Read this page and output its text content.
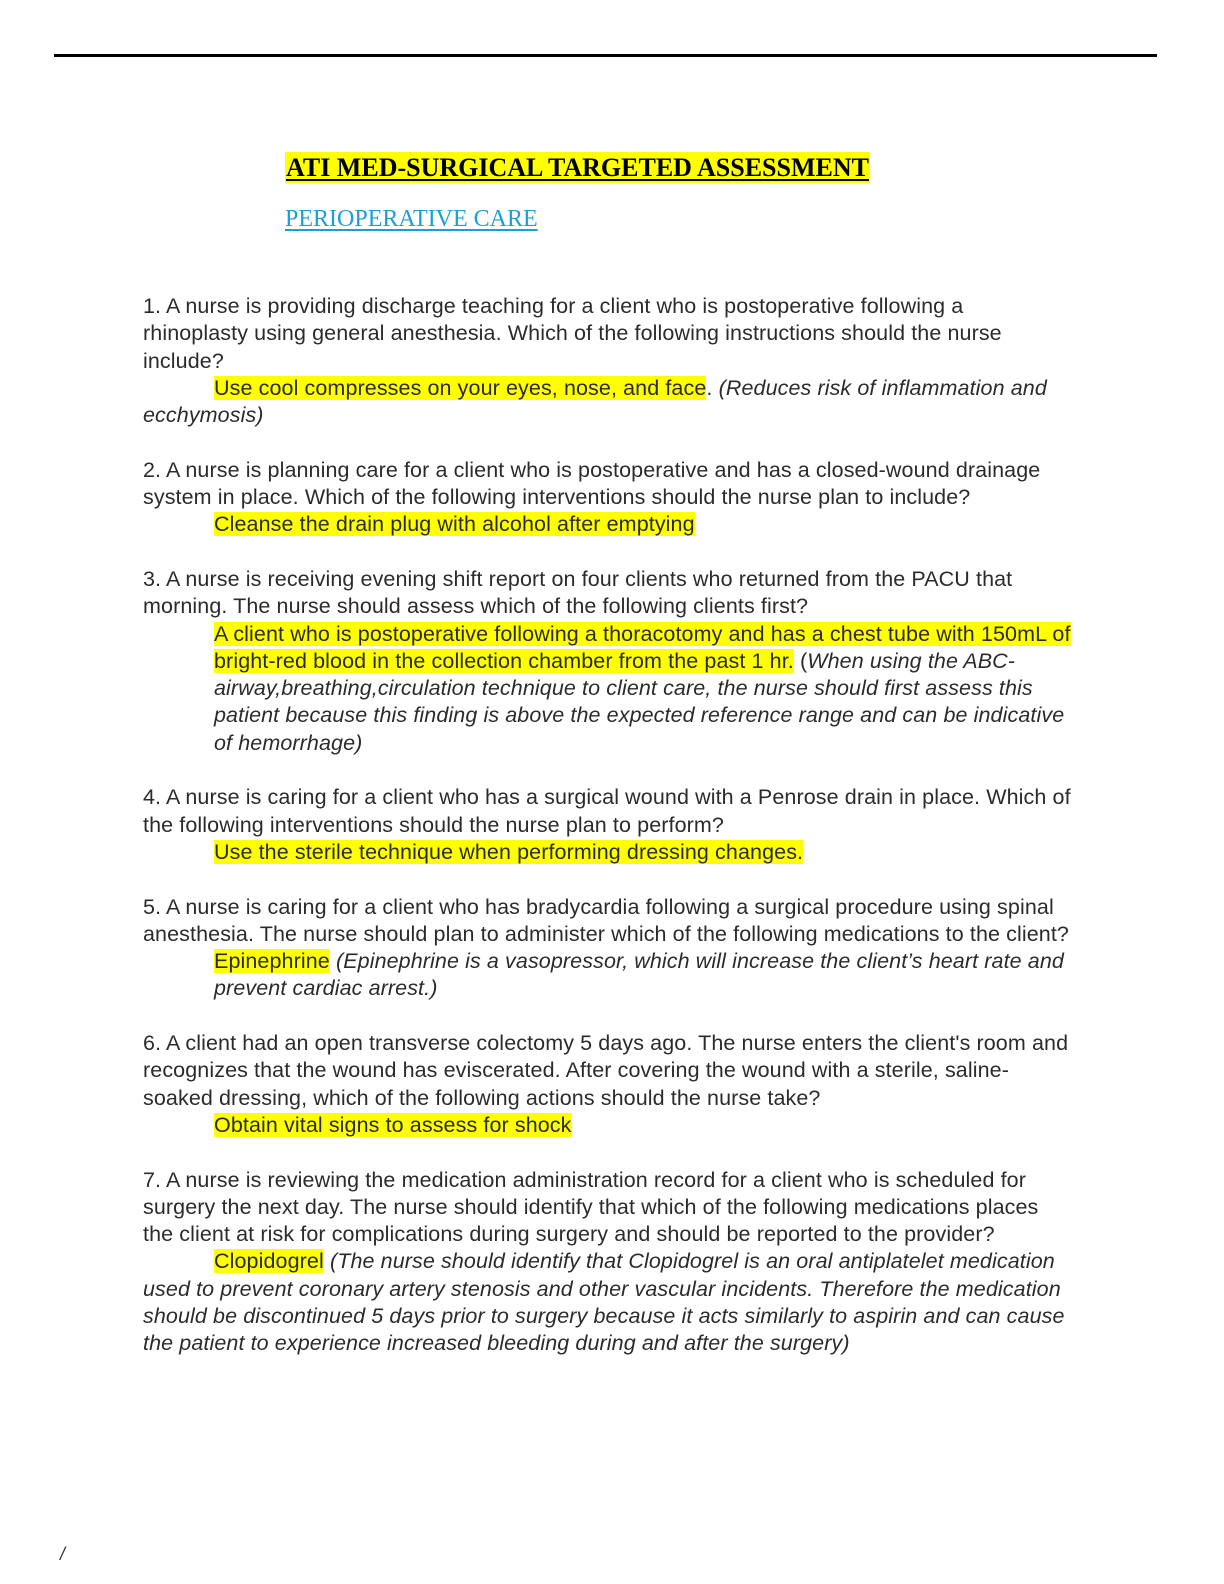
ATI MED-SURGICAL TARGETED ASSESSMENT
PERIOPERATIVE CARE
1. A nurse is providing discharge teaching for a client who is postoperative following a rhinoplasty using general anesthesia. Which of the following instructions should the nurse include?
Use cool compresses on your eyes, nose, and face. (Reduces risk of inflammation and ecchymosis)
2. A nurse is planning care for a client who is postoperative and has a closed-wound drainage system in place. Which of the following interventions should the nurse plan to include?
Cleanse the drain plug with alcohol after emptying
3. A nurse is receiving evening shift report on four clients who returned from the PACU that morning. The nurse should assess which of the following clients first?
A client who is postoperative following a thoracotomy and has a chest tube with 150mL of bright-red blood in the collection chamber from the past 1 hr. (When using the ABC-airway,breathing,circulation technique to client care, the nurse should first assess this patient because this finding is above the expected reference range and can be indicative of hemorrhage)
4. A nurse is caring for a client who has a surgical wound with a Penrose drain in place. Which of the following interventions should the nurse plan to perform?
Use the sterile technique when performing dressing changes.
5. A nurse is caring for a client who has bradycardia following a surgical procedure using spinal anesthesia. The nurse should plan to administer which of the following medications to the client?
Epinephrine (Epinephrine is a vasopressor, which will increase the client’s heart rate and prevent cardiac arrest.)
6. A client had an open transverse colectomy 5 days ago. The nurse enters the client's room and recognizes that the wound has eviscerated. After covering the wound with a sterile, saline-soaked dressing, which of the following actions should the nurse take?
Obtain vital signs to assess for shock
7. A nurse is reviewing the medication administration record for a client who is scheduled for surgery the next day. The nurse should identify that which of the following medications places the client at risk for complications during surgery and should be reported to the provider?
Clopidogrel (The nurse should identify that Clopidogrel is an oral antiplatelet medication used to prevent coronary artery stenosis and other vascular incidents. Therefore the medication should be discontinued 5 days prior to surgery because it acts similarly to aspirin and can cause the patient to experience increased bleeding during and after the surgery)
/
